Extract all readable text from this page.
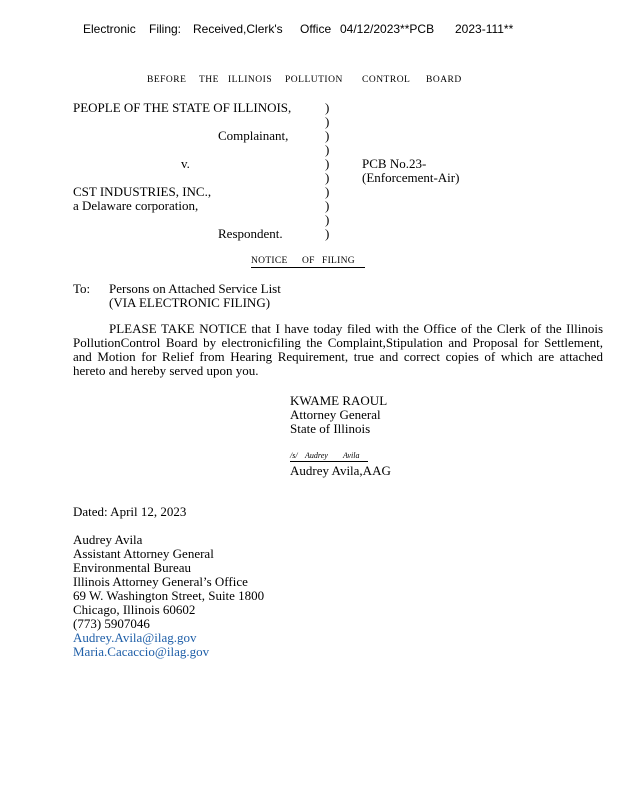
Electronic Filing: Received,Clerk's Office 04/12/2023**PCB 2023-111**
BEFORE THE ILLINOIS POLLUTION CONTROL BOARD
PEOPLE OF THE STATE OF ILLINOIS,
Complainant,
v.
CST INDUSTRIES, INC.,
a Delaware corporation,
Respondent.
)
)
)
)
)
)
)
)
)
)
PCB No.23-
(Enforcement-Air)
NOTICE OF FILING
To: Persons on Attached Service List
(VIA ELECTRONIC FILING)
PLEASE TAKE NOTICE that I have today filed with the Office of the Clerk of the Illinois PollutionControl Board by electronicfiling the Complaint,Stipulation and Proposal for Settlement, and Motion for Relief from Hearing Requirement, true and correct copies of which are attached hereto and hereby served upon you.
KWAME RAOUL
Attorney General
State of Illinois
/s/ Audrey Avila
Audrey Avila,AAG
Dated: April 12, 2023
Audrey Avila
Assistant Attorney General
Environmental Bureau
Illinois Attorney General’s Office
69 W. Washington Street, Suite 1800
Chicago, Illinois 60602
(773) 5907046
Audrey.Avila@ilag.gov
Maria.Cacaccio@ilag.gov
